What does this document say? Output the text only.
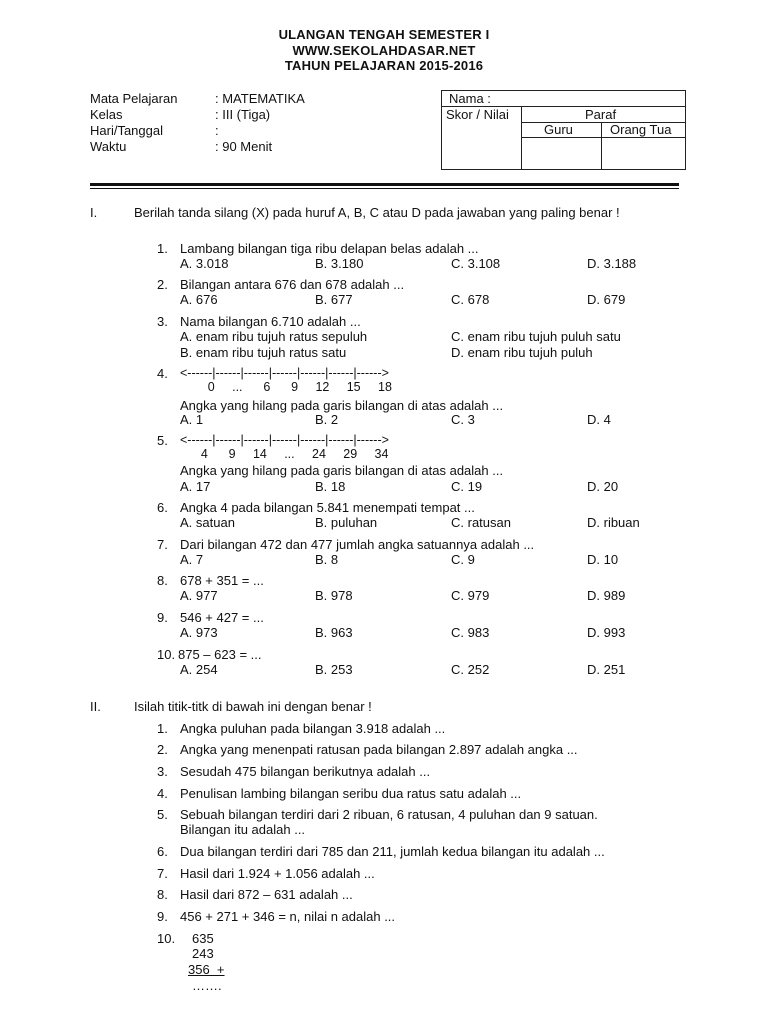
ULANGAN TENGAH SEMESTER I
WWW.SEKOLAHDASAR.NET
TAHUN PELAJARAN 2015-2016
Mata Pelajaran	: MATEMATIKA
Kelas	: III (Tiga)
Hari/Tanggal	:
Waktu	: 90 Menit
Nama :
Skor / Nilai	Paraf
Guru	Orang Tua
I.	Berilah tanda silang (X) pada huruf A, B, C atau D pada jawaban yang paling benar !
1. Lambang bilangan tiga ribu delapan belas adalah ...
A. 3.018	B. 3.180	C. 3.108	D. 3.188
2. Bilangan antara 676 dan 678 adalah ...
A. 676	B. 677	C. 678	D. 679
3. Nama bilangan 6.710 adalah ...
A. enam ribu tujuh ratus sepuluh	C. enam ribu tujuh puluh satu
B. enam ribu tujuh ratus satu	D. enam ribu tujuh puluh
4. <------|------|------|------|------|------|------>
0     ...      6      9     12     15     18
Angka yang hilang pada garis bilangan di atas adalah ...
A. 1	B. 2	C. 3	D. 4
5. <------|------|------|------|------|------|------>
4      9     14     ...     24     29     34
Angka yang hilang pada garis bilangan di atas adalah ...
A. 17	B. 18	C. 19	D. 20
6. Angka 4 pada bilangan 5.841 menempati tempat ...
A. satuan	B. puluhan	C. ratusan	D. ribuan
7. Dari bilangan 472 dan 477 jumlah angka satuannya adalah ...
A. 7	B. 8	C. 9	D. 10
8. 678 + 351 = ...
A. 977	B. 978	C. 979	D. 989
9. 546 + 427 = ...
A. 973	B. 963	C. 983	D. 993
10. 875 – 623 = ...
A. 254	B. 253	C. 252	D. 251
II.	Isilah titik-titk di bawah ini dengan benar !
1. Angka puluhan pada bilangan 3.918 adalah ...
2. Angka yang menenpati ratusan pada bilangan 2.897 adalah angka ...
3. Sesudah 475 bilangan berikutnya adalah ...
4. Penulisan lambing bilangan seribu dua ratus satu adalah ...
5. Sebuah bilangan terdiri dari 2 ribuan, 6 ratusan, 4 puluhan dan 9 satuan.
Bilangan itu adalah ...
6. Dua bilangan terdiri dari 785 dan 211, jumlah kedua bilangan itu adalah ...
7. Hasil dari 1.924 + 1.056 adalah ...
8. Hasil dari 872 – 631 adalah ...
9. 456 + 271 + 346 = n, nilai n adalah ...
10.	635
243
356  +
…….
